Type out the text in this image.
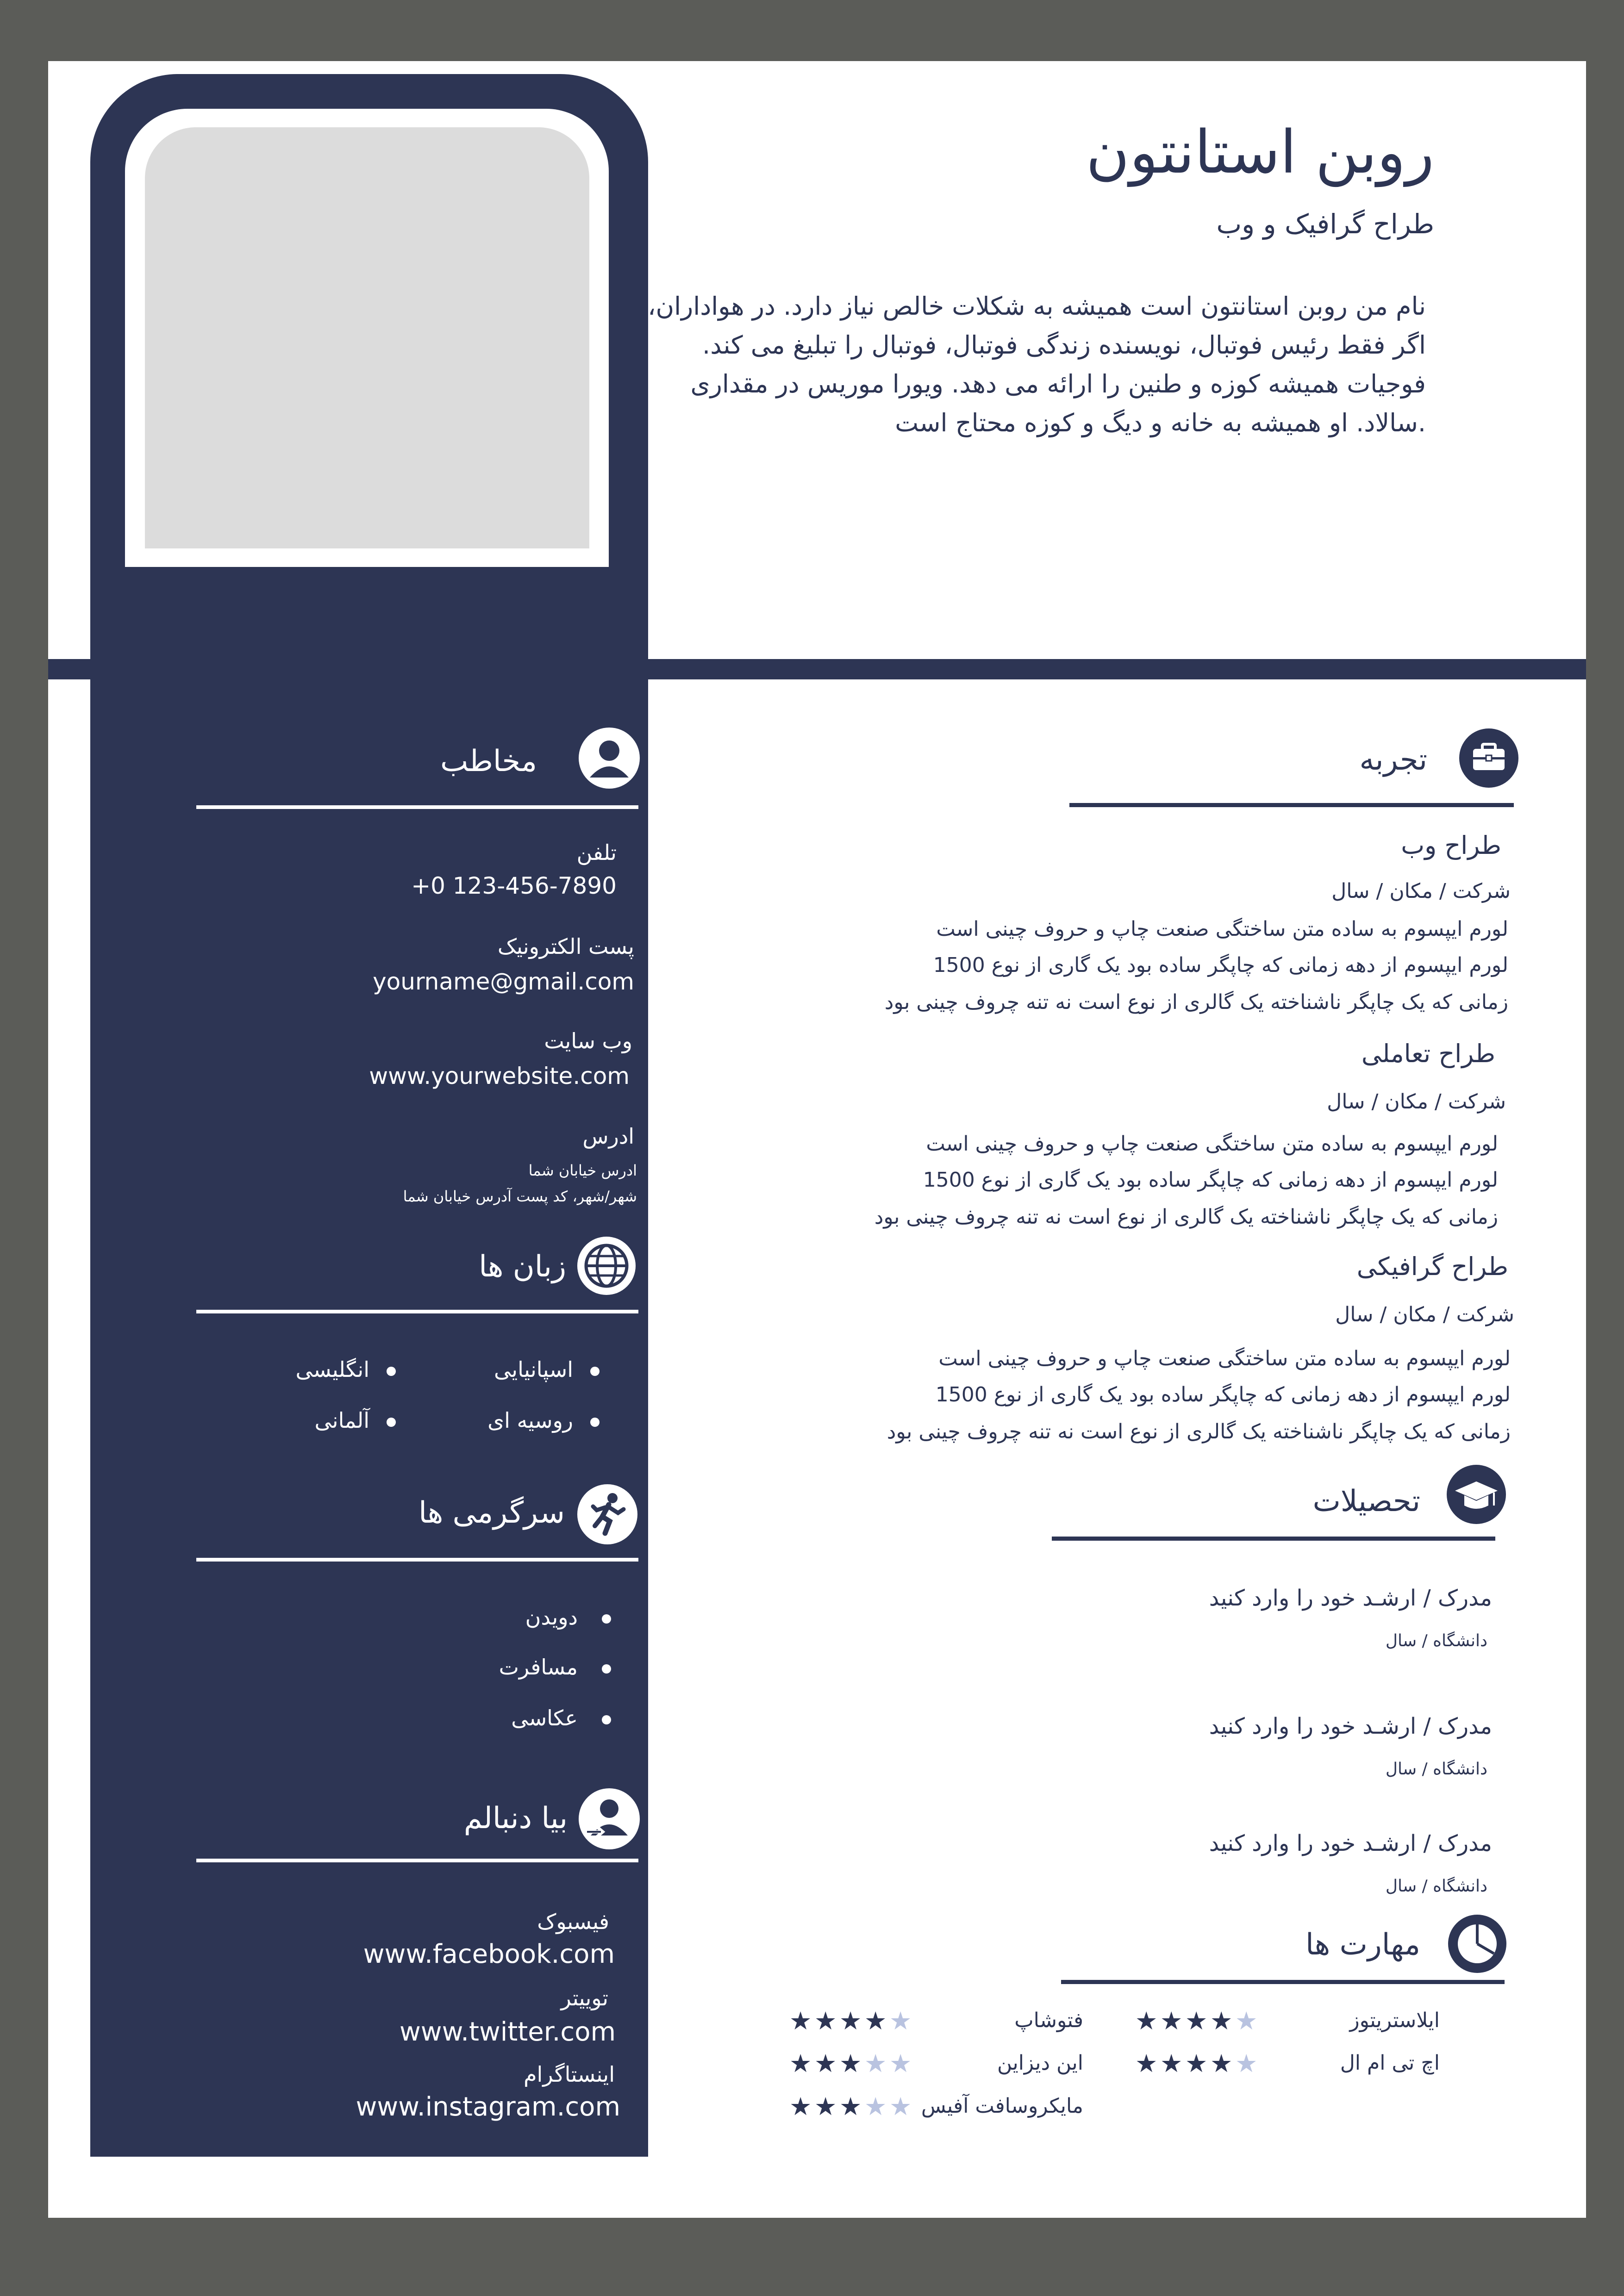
روبن استانتون
طراح گرافیک و وب
نام من روبن استانتون است همیشه به شکلات خالص نیاز دارد. در هواداران،
اگر فقط رئیس فوتبال، نویسنده زندگی فوتبال، فوتبال را تبلیغ می کند.
فوجیات همیشه کوزه و طنین را ارائه می دهد. ویورا موریس در مقداری
.سالاد. او همیشه به خانه و دیگ و کوزه محتاج است
مخاطب
تلفن
+0 123-456-7890
پست الکترونیک
yourname@gmail.com
وب سایت
www.yourwebsite.com
ادرس
ادرس خیابان شما
شهر/شهر، کد پست آدرس خیابان شما
زبان ها
اسپانیایی
انگلیسی
روسیه ای
آلمانی
سرگرمی ها
دویدن
مسافرت
عکاسی
بیا دنبالم
فیسبوک
www.facebook.com
توییتر
www.twitter.com
اینستاگرام
www.instagram.com
تجربه
طراح وب
شرکت / مکان / سال
لورم ایپسوم به ساده متن ساختگی صنعت چاپ و حروف چینی است
لورم ایپسوم از دهه زمانی که چاپگر ساده بود یک گاری از نوع 1500
زمانی که یک چاپگر ناشناخته یک گالری از نوع است نه تنه چروف چینی بود
طراح تعاملی
شرکت / مکان / سال
لورم ایپسوم به ساده متن ساختگی صنعت چاپ و حروف چینی است
لورم ایپسوم از دهه زمانی که چاپگر ساده بود یک گاری از نوع 1500
زمانی که یک چاپگر ناشناخته یک گالری از نوع است نه تنه چروف چینی بود
طراح گرافیکی
شرکت / مکان / سال
لورم ایپسوم به ساده متن ساختگی صنعت چاپ و حروف چینی است
لورم ایپسوم از دهه زمانی که چاپگر ساده بود یک گاری از نوع 1500
زمانی که یک چاپگر ناشناخته یک گالری از نوع است نه تنه چروف چینی بود
تحصیلات
مدرک / ارشـد خود را وارد کنید
دانشگاه / سال
مدرک / ارشـد خود را وارد کنید
دانشگاه / سال
مدرک / ارشـد خود را وارد کنید
دانشگاه / سال
مهارت ها
ایلاستریتوز
فتوشاپ
اچ تی ام ال
این دیزاین
مایکروسافت آفیس
★ ★ ★ ★ ★
★ ★ ★ ★ ★
★ ★ ★ ★ ★
★ ★ ★ ★ ★
★ ★ ★ ★ ★
